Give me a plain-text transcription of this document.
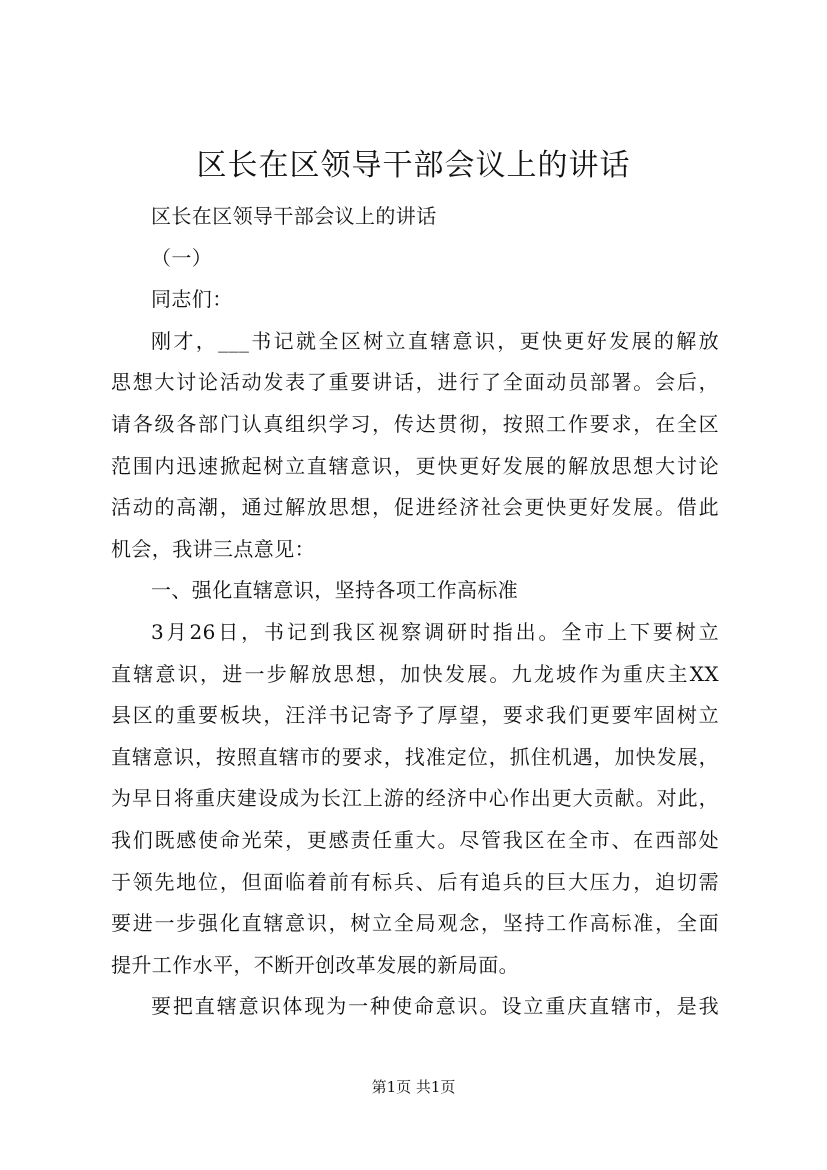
区长在区领导干部会议上的讲话
区长在区领导干部会议上的讲话
（一）
同志们：
刚才，___书记就全区树立直辖意识，更快更好发展的解放
思想大讨论活动发表了重要讲话，进行了全面动员部署。会后，
请各级各部门认真组织学习，传达贯彻，按照工作要求，在全区
范围内迅速掀起树立直辖意识，更快更好发展的解放思想大讨论
活动的高潮，通过解放思想，促进经济社会更快更好发展。借此
机会，我讲三点意见：
一、强化直辖意识，坚持各项工作高标准
3月26日，书记到我区视察调研时指出。全市上下要树立
直辖意识，进一步解放思想，加快发展。九龙坡作为重庆主XX
县区的重要板块，汪洋书记寄予了厚望，要求我们更要牢固树立
直辖意识，按照直辖市的要求，找准定位，抓住机遇，加快发展，
为早日将重庆建设成为长江上游的经济中心作出更大贡献。对此，
我们既感使命光荣，更感责任重大。尽管我区在全市、在西部处
于领先地位，但面临着前有标兵、后有追兵的巨大压力，迫切需
要进一步强化直辖意识，树立全局观念，坚持工作高标准，全面
提升工作水平，不断开创改革发展的新局面。
要把直辖意识体现为一种使命意识。设立重庆直辖市，是我
第1页 共1页
